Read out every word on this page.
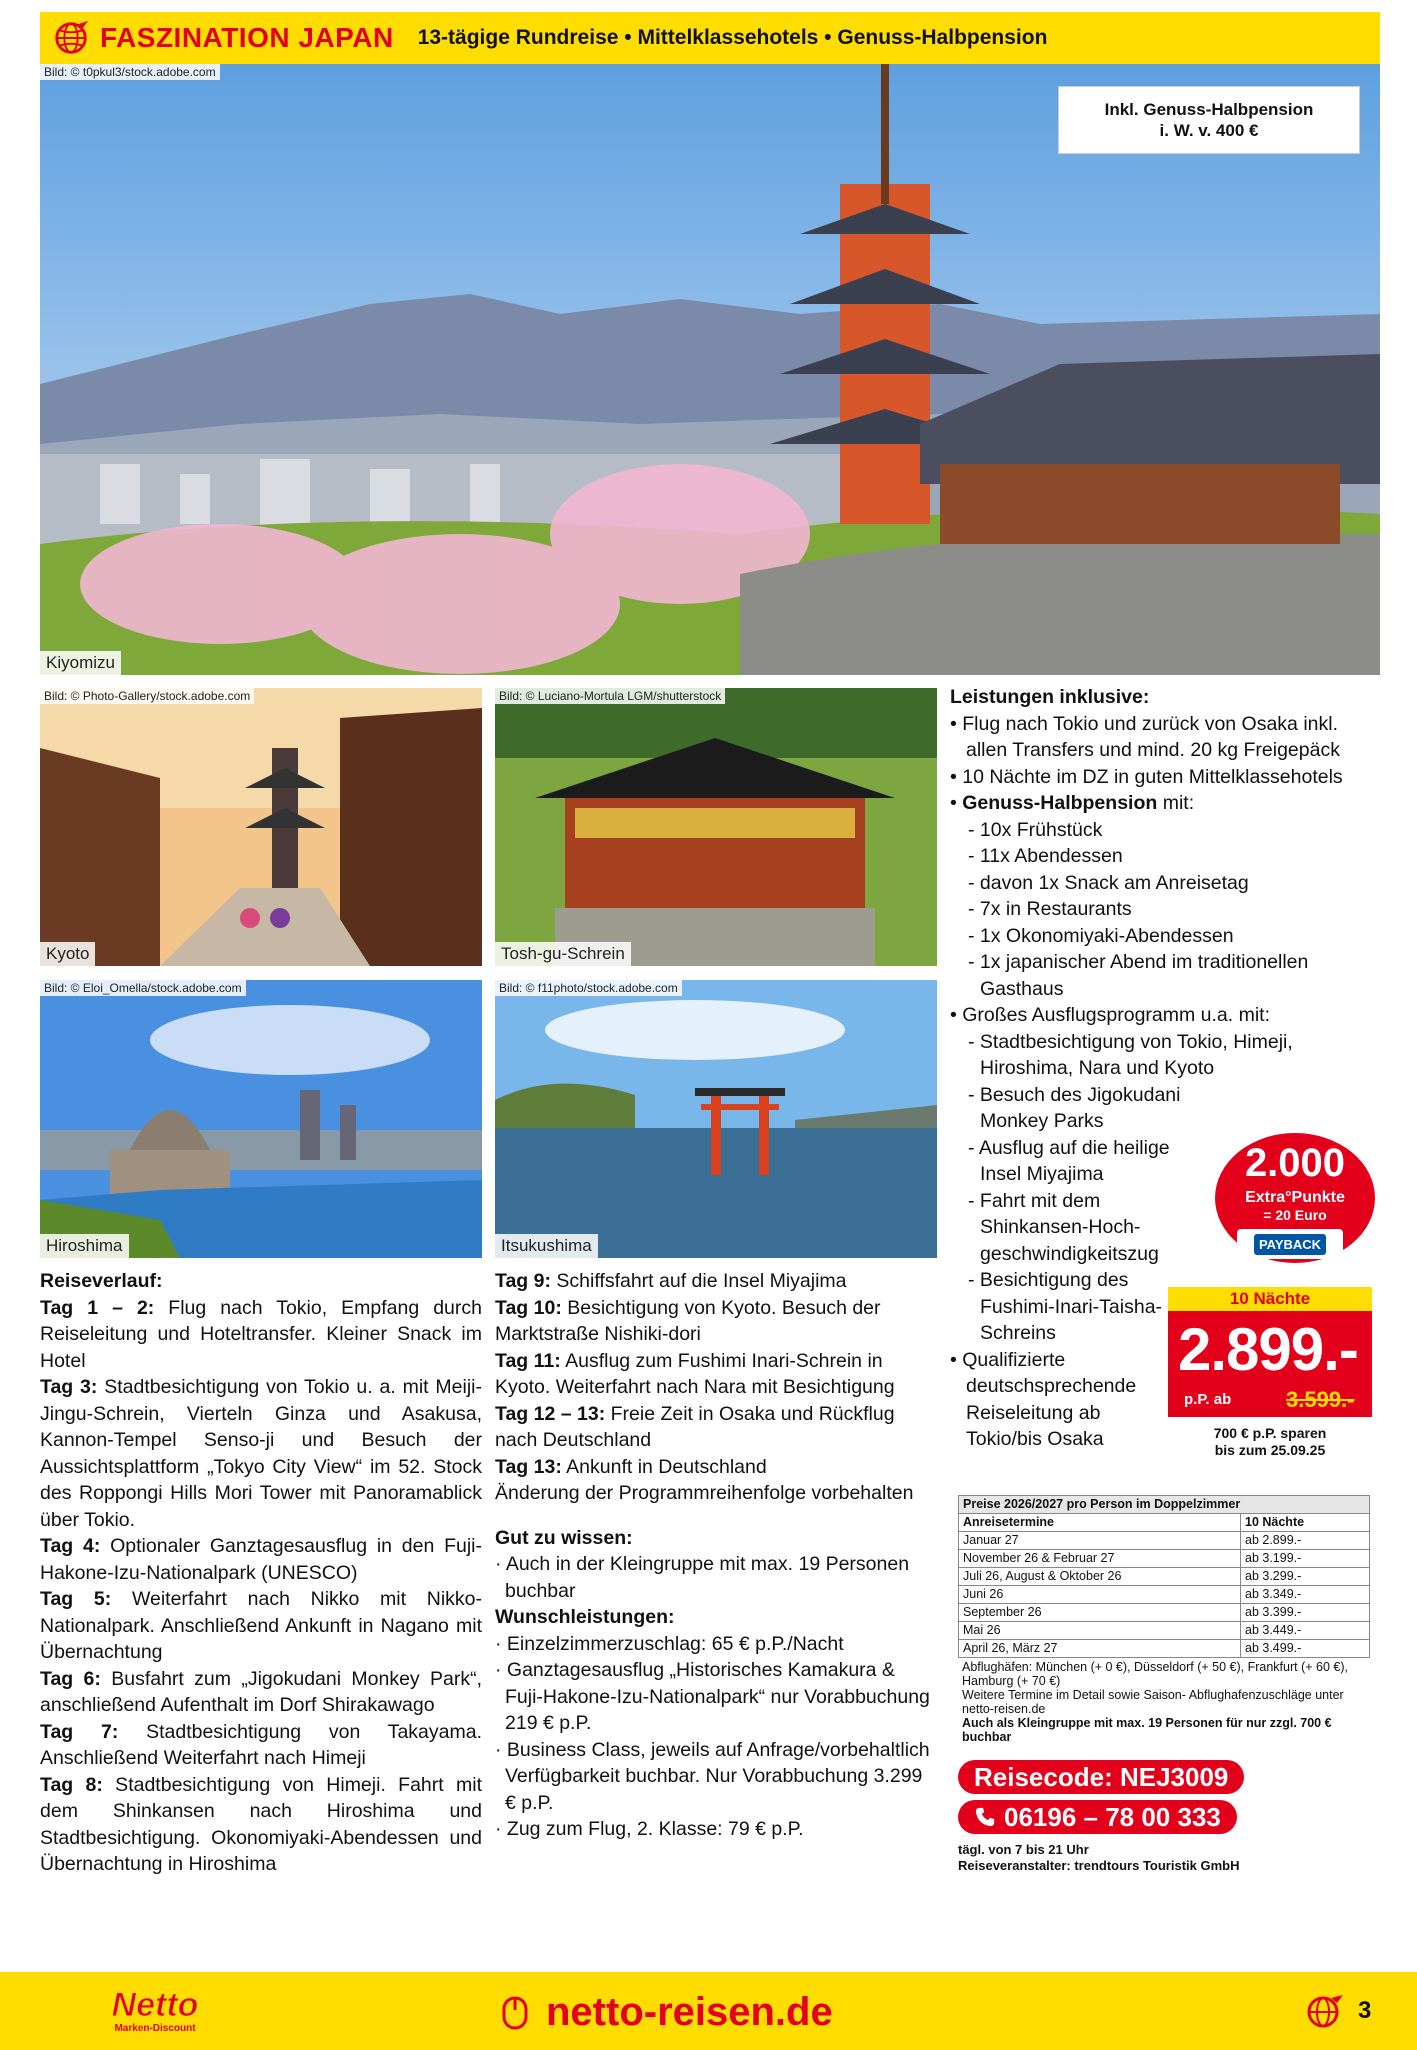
FASZINATION JAPAN 13-tägige Rundreise • Mittelklassehotels • Genuss-Halbpension
Bild: © t0pkul3/stock.adobe.com
Kiyomizu
Inkl. Genuss-Halbpension
i. W. v. 400 €
Bild: © Photo-Gallery/stock.adobe.com
Kyoto
Bild: © Luciano-Mortula LGM/shutterstock
Tosh-gu-Schrein
Bild: © Eloi_Omella/stock.adobe.com
Hiroshima
Bild: © f11photo/stock.adobe.com
Itsukushima

Leistungen inklusive:

• Flug nach Tokio und zurück von Osaka inkl. allen Transfers und mind. 20 kg Freigepäck
• 10 Nächte im DZ in guten Mittelklassehotels
• Genuss-Halbpension mit:
- 10x Frühstück
- 11x Abendessen
- davon 1x Snack am Anreisetag
- 7x in Restaurants
- 1x Okonomiyaki-Abendessen
- 1x japanischer Abend im traditionellen Gasthaus
• Großes Ausflugsprogramm u.a. mit:
- Stadtbesichtigung von Tokio, Himeji, Hiroshima, Nara und Kyoto
- Besuch des Jigokudani Monkey Parks
- Ausflug auf die heilige Insel Miyajima
- Fahrt mit dem Shinkansen-Hoch-geschwindigkeitszug
- Besichtigung des Fushimi-Inari-Taisha-Schreins
• Qualifizierte deutschsprechende Reiseleitung ab Tokio/bis Osaka
2.000
Extra°Punkte
= 20 Euro
PAYBACK
10 Nächte
2.899.-
p.P. ab 3.599.-
700 € p.P. sparen
bis zum 25.09.25

Reiseverlauf:

Tag 1 – 2: Flug nach Tokio, Empfang durch Reiseleitung und Hoteltransfer. Kleiner Snack im Hotel

Tag 3: Stadtbesichtigung von Tokio u. a. mit Meiji-Jingu-Schrein, Vierteln Ginza und Asakusa, Kannon-Tempel Senso-ji und Besuch der Aussichtsplattform „Tokyo City View“ im 52. Stock des Roppongi Hills Mori Tower mit Panoramablick über Tokio.

Tag 4: Optionaler Ganztagesausflug in den Fuji-Hakone-Izu-Nationalpark (UNESCO)

Tag 5: Weiterfahrt nach Nikko mit Nikko-Nationalpark. Anschließend Ankunft in Nagano mit Übernachtung

Tag 6: Busfahrt zum „Jigokudani Monkey Park“, anschließend Aufenthalt im Dorf Shirakawago

Tag 7: Stadtbesichtigung von Takayama. Anschließend Weiterfahrt nach Himeji

Tag 8: Stadtbesichtigung von Himeji. Fahrt mit dem Shinkansen nach Hiroshima und Stadtbesichtigung. Okonomiyaki-Abendessen und Übernachtung in Hiroshima

Tag 9: Schiffsfahrt auf die Insel Miyajima

Tag 10: Besichtigung von Kyoto. Besuch der Marktstraße Nishiki-dori

Tag 11: Ausflug zum Fushimi Inari-Schrein in Kyoto. Weiterfahrt nach Nara mit Besichtigung

Tag 12 – 13: Freie Zeit in Osaka und Rückflug nach Deutschland

Tag 13: Ankunft in Deutschland

Änderung der Programmreihenfolge vorbehalten

Gut zu wissen:

· Auch in der Kleingruppe mit max. 19 Personen buchbar

Wunschleistungen:

· Einzelzimmerzuschlag: 65 € p.P./Nacht

· Ganztagesausflug „Historisches Kamakura & Fuji-Hakone-Izu-Nationalpark“ nur Vorabbuchung 219 € p.P.

· Business Class, jeweils auf Anfrage/vorbehaltlich Verfügbarkeit buchbar. Nur Vorabbuchung 3.299 € p.P.

· Zug zum Flug, 2. Klasse: 79 € p.P.

Preise 2026/2027 pro Person im Doppelzimmer	
Anreisetermine	10 Nächte
Januar 27	ab 2.899.-
November 26 & Februar 27	ab 3.199.-
Juli 26, August & Oktober 26	ab 3.299.-
Juni 26	ab 3.349.-
September 26	ab 3.399.-
Mai 26	ab 3.449.-
April 26, März 27	ab 3.499.-
Abflughäfen: München (+ 0 €), Düsseldorf (+ 50 €), Frankfurt (+ 60 €), Hamburg (+ 70 €)
Weitere Termine im Detail sowie Saison- Abflughafenzuschläge unter netto-reisen.de
Auch als Kleingruppe mit max. 19 Personen für nur zzgl. 700 € buchbar
Reisecode: NEJ3009
06196 – 78 00 333
tägl. von 7 bis 21 Uhr
Reiseveranstalter: trendtours Touristik GmbH
Netto
Marken-Discount	netto-reisen.de	3
